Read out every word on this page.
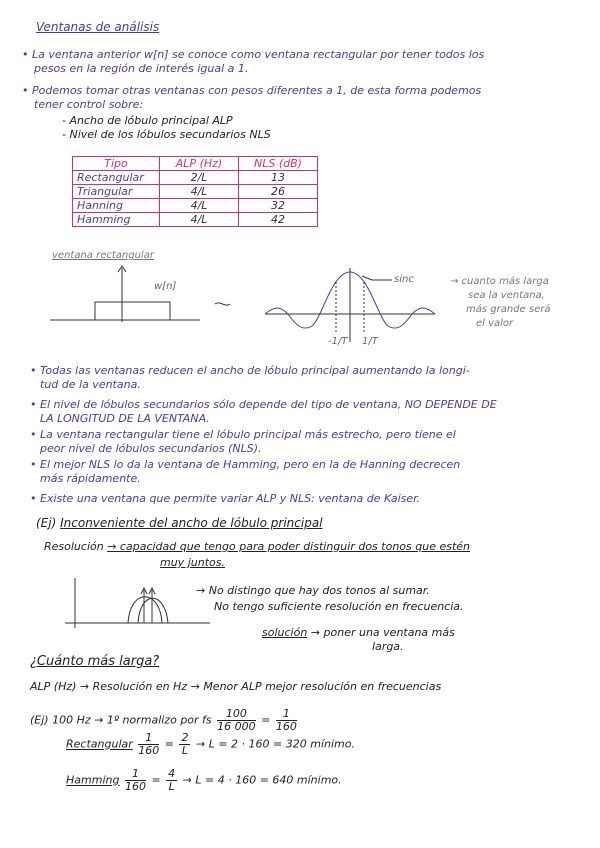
Ventanas de análisis
• La ventana anterior w[n] se conoce como ventana rectangular por tener todos los
pesos en la región de interés igual a 1.
• Podemos tomar otras ventanas con pesos diferentes a 1, de esta forma podemos
tener control sobre:
- Ancho de lóbulo principal ALP
- Nivel de los lóbulos secundarios NLS
Tipo	ALP (Hz)	NLS (dB)
Rectangular	2/L	13
Triangular	4/L	26
Hanning	4/L	32
Hamming	4/L	42
ventana rectangular
w[n]
sinc
-1/T 1/T
→ cuanto más larga
sea la ventana,
más grande será
el valor
• Todas las ventanas reducen el ancho de lóbulo principal aumentando la longi-
tud de la ventana.
• El nivel de lóbulos secundarios sólo depende del tipo de ventana, NO DEPENDE DE
LA LONGITUD DE LA VENTANA.
• La ventana rectangular tiene el lóbulo principal más estrecho, pero tiene el
peor nivel de lóbulos secundarios (NLS).
• El mejor NLS lo da la ventana de Hamming, pero en la de Hanning decrecen
más rápidamente.
• Existe una ventana que permite variar ALP y NLS: ventana de Kaiser.
(Ej) Inconveniente del ancho de lóbulo principal
Resolución → capacidad que tengo para poder distinguir dos tonos que estén
muy juntos.
→ No distingo que hay dos tonos al sumar.
No tengo suficiente resolución en frecuencia.
solución → poner una ventana más
larga.
¿Cuánto más larga?
ALP (Hz) → Resolución en Hz → Menor ALP mejor resolución en frecuencias
(Ej) 100 Hz → 1º normalizo por fs $\frac{100}{16 000} = \frac{1}{160}$
Rectangular $\frac{1}{160} = \frac{2}{L} \to L = 2 \cdot 160 = 320$ mínimo.
Hamming $\frac{1}{160} = \frac{4}{L} \to L = 4 \cdot 160 = 640$ mínimo.
